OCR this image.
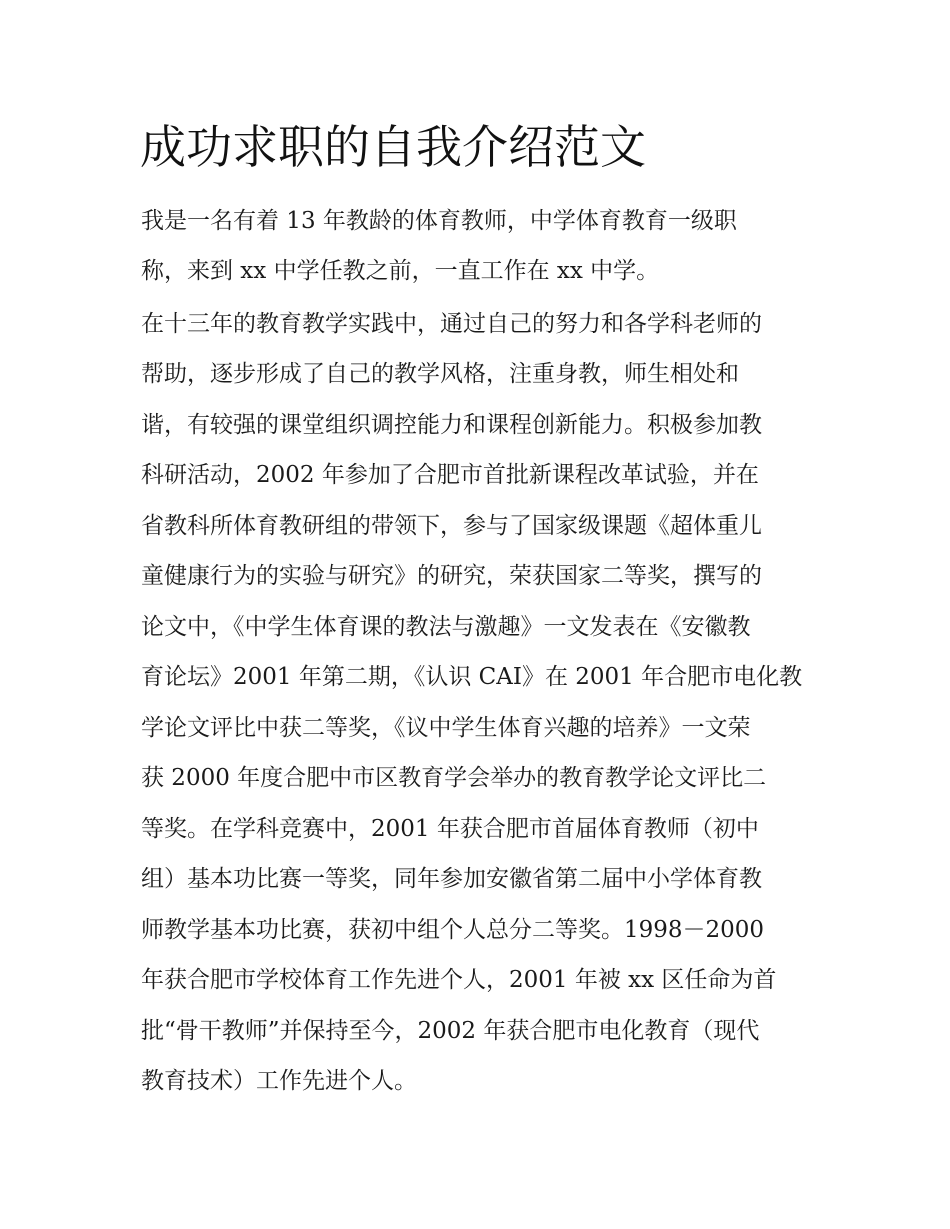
成功求职的自我介绍范文

我是一名有着 13 年教龄的体育教师，中学体育教育一级职

称，来到 xx 中学任教之前，一直工作在 xx 中学。

在十三年的教育教学实践中，通过自己的努力和各学科老师的

帮助，逐步形成了自己的教学风格，注重身教，师生相处和

谐，有较强的课堂组织调控能力和课程创新能力。积极参加教

科研活动，2002 年参加了合肥市首批新课程改革试验，并在

省教科所体育教研组的带领下，参与了国家级课题《超体重儿

童健康行为的实验与研究》的研究，荣获国家二等奖，撰写的

论文中，《中学生体育课的教法与激趣》一文发表在《安徽教

育论坛》2001 年第二期，《认识 CAI》在 2001 年合肥市电化教

学论文评比中获二等奖，《议中学生体育兴趣的培养》一文荣

获 2000 年度合肥中市区教育学会举办的教育教学论文评比二

等奖。在学科竞赛中，2001 年获合肥市首届体育教师（初中

组）基本功比赛一等奖，同年参加安徽省第二届中小学体育教

师教学基本功比赛，获初中组个人总分二等奖。1998－2000

年获合肥市学校体育工作先进个人，2001 年被 xx 区任命为首

批“骨干教师”并保持至今，2002 年获合肥市电化教育（现代

教育技术）工作先进个人。
